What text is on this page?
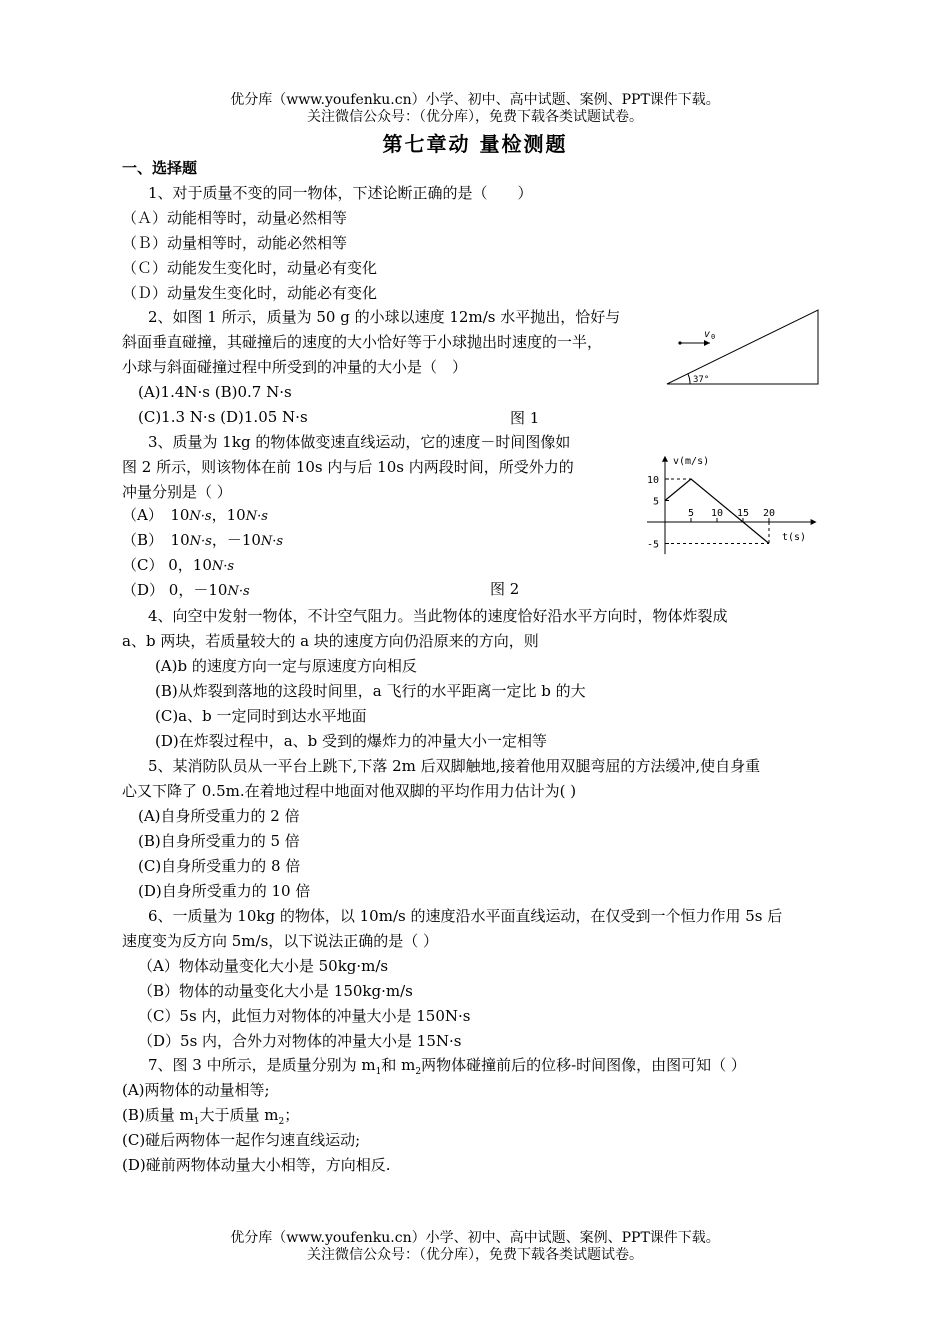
优分库（www.youfenku.cn）小学、初中、高中试题、案例、PPT课件下载。
关注微信公众号：（优分库），免费下载各类试题试卷。
第七章动 量检测题
一、选择题
1、对于质量不变的同一物体，下述论断正确的是（　　）
（Ａ）动能相等时，动量必然相等
（Ｂ）动量相等时，动能必然相等
（Ｃ）动能发生变化时，动量必有变化
（Ｄ）动量发生变化时，动能必有变化
2、如图 1 所示，质量为 50 g 的小球以速度 12m/s 水平抛出，恰好与
斜面垂直碰撞，其碰撞后的速度的大小恰好等于小球抛出时速度的一半，
小球与斜面碰撞过程中所受到的冲量的大小是（　）
(A)1.4N·s (B)0.7 N·s
(C)1.3 N·s (D)1.05 N·s	图 1
v 0
37°
3、质量为 1kg 的物体做变速直线运动，它的速度－时间图像如
图 2 所示，则该物体在前 10s 内与后 10s 内两段时间，所受外力的
冲量分别是（ ）
（A）　10N·s，10N·s
（B）　10N·s，－10N·s
（C） 0，10N·s
（D） 0，－10N·s	图 2
v(m/s)
t(s)
5 10 15 20
10
5
-5
4、向空中发射一物体，不计空气阻力。当此物体的速度恰好沿水平方向时，物体炸裂成
a、b 两块，若质量较大的 a 块的速度方向仍沿原来的方向，则
(A)b 的速度方向一定与原速度方向相反
(B)从炸裂到落地的这段时间里，a 飞行的水平距离一定比 b 的大
(C)a、b 一定同时到达水平地面
(D)在炸裂过程中，a、b 受到的爆炸力的冲量大小一定相等
5、某消防队员从一平台上跳下,下落 2m 后双脚触地,接着他用双腿弯屈的方法缓冲,使自身重
心又下降了 0.5m.在着地过程中地面对他双脚的平均作用力估计为( )
(A)自身所受重力的 2 倍
(B)自身所受重力的 5 倍
(C)自身所受重力的 8 倍
(D)自身所受重力的 10 倍
6、一质量为 10kg 的物体，以 10m/s 的速度沿水平面直线运动，在仅受到一个恒力作用 5s 后
速度变为反方向 5m/s，以下说法正确的是（ ）
（A）物体动量变化大小是 50kg·m/s
（B）物体的动量变化大小是 150kg·m/s
（C）5s 内，此恒力对物体的冲量大小是 150N·s
（D）5s 内，合外力对物体的冲量大小是 15N·s
7、图 3 中所示，是质量分别为 $m_1$和 $m_2$两物体碰撞前后的位移-时间图像，由图可知（ ）
(A)两物体的动量相等;
(B)质量 $m_1$大于质量 $m_2$；
(C)碰后两物体一起作匀速直线运动;
(D)碰前两物体动量大小相等，方向相反.
优分库（www.youfenku.cn）小学、初中、高中试题、案例、PPT课件下载。
关注微信公众号：（优分库），免费下载各类试题试卷。
